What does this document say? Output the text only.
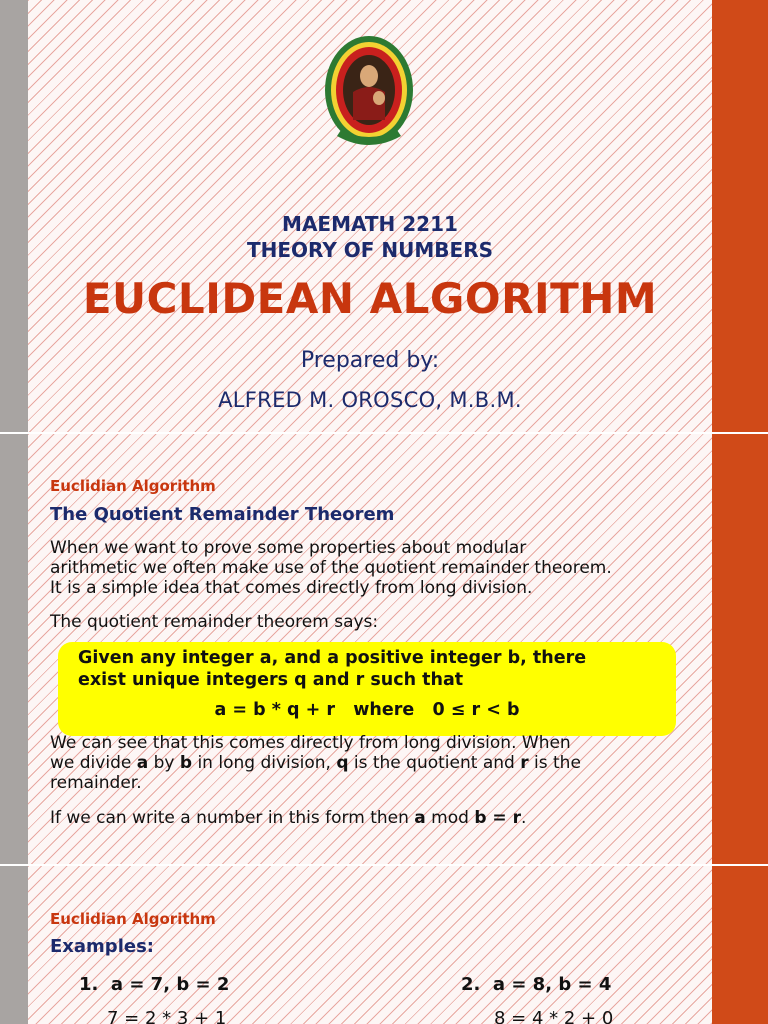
MAEMATH 2211
THEORY OF NUMBERS
EUCLIDEAN ALGORITHM
Prepared by:
ALFRED M. OROSCO, M.B.M.
Euclidian Algorithm
The Quotient Remainder Theorem
When we want to prove some properties about modular
arithmetic we often make use of the quotient remainder theorem.
It is a simple idea that comes directly from long division.
The quotient remainder theorem says:
Given any integer a, and a positive integer b, there
exist unique integers q and r such that
a = b * q + r   where   0 ≤ r < b
We can see that this comes directly from long division. When
we divide a by b in long division, q is the quotient and r is the
remainder.
If we can write a number in this form then a mod b = r.
Euclidian Algorithm
Examples:
1. a = 7, b = 2
7 = 2 * 3 + 1
2. a = 8, b = 4
8 = 4 * 2 + 0
